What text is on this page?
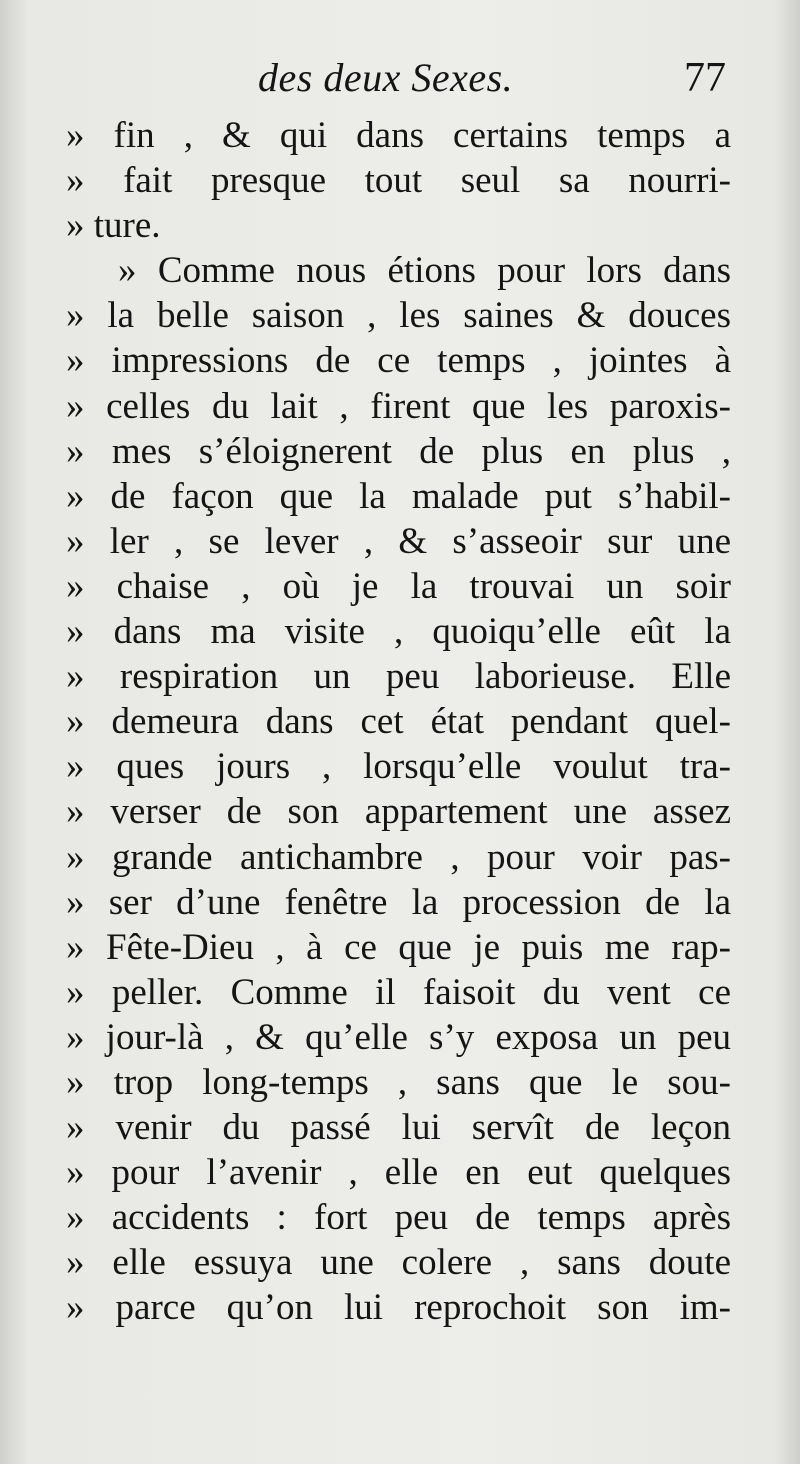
des deux Sexes.	77
» fin , & qui dans certains temps a
» fait presque tout seul sa nourri-
» ture.
» Comme nous étions pour lors dans
» la belle saison , les saines & douces
» impressions de ce temps , jointes à
» celles du lait , firent que les paroxis-
» mes s’éloignerent de plus en plus ,
» de façon que la malade put s’habil-
» ler , se lever , & s’asseoir sur une
» chaise , où je la trouvai un soir
» dans ma visite , quoiqu’elle eût la
» respiration un peu laborieuse. Elle
» demeura dans cet état pendant quel-
» ques jours , lorsqu’elle voulut tra-
» verser de son appartement une assez
» grande antichambre , pour voir pas-
» ser d’une fenêtre la procession de la
» Fête-Dieu , à ce que je puis me rap-
» peller. Comme il faisoit du vent ce
» jour-là , & qu’elle s’y exposa un peu
» trop long-temps , sans que le sou-
» venir du passé lui servît de leçon
» pour l’avenir , elle en eut quelques
» accidents : fort peu de temps après
» elle essuya une colere , sans doute
» parce qu’on lui reprochoit son im-
